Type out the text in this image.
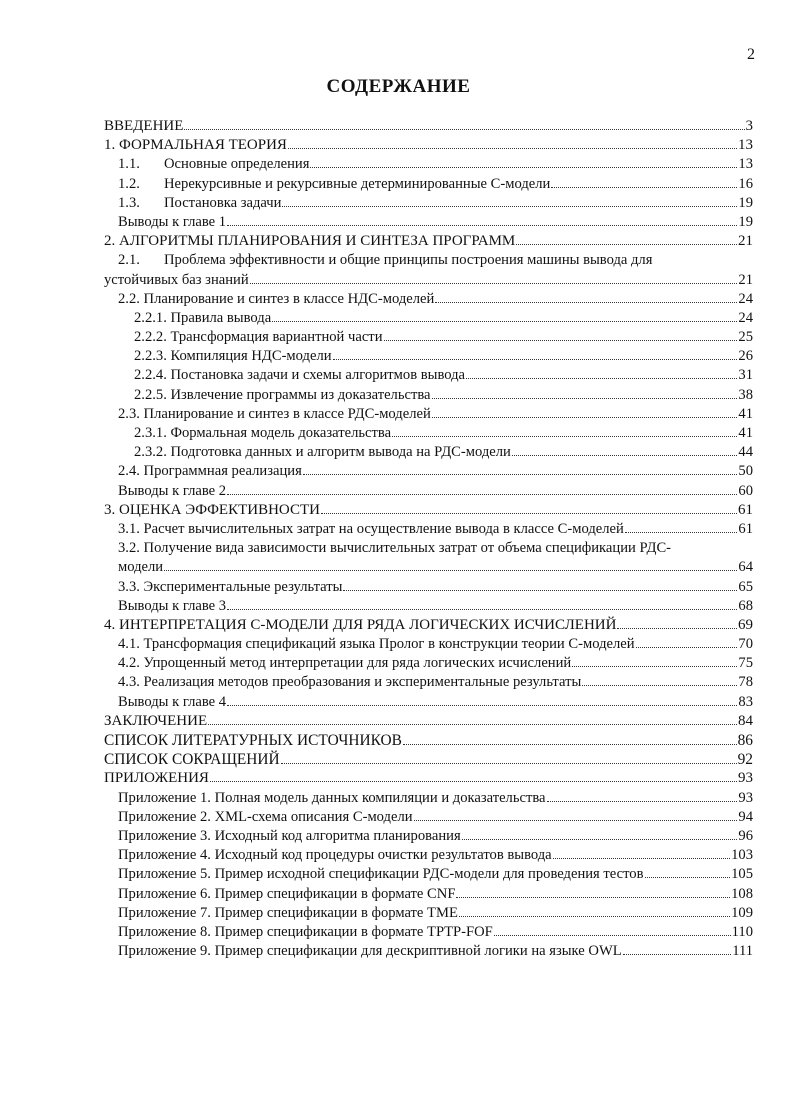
2
СОДЕРЖАНИЕ
ВВЕДЕНИЕ	3
1. ФОРМАЛЬНАЯ ТЕОРИЯ	13
1.1.	Основные определения	13
1.2.	Нерекурсивные и рекурсивные детерминированные С-модели	16
1.3.	Постановка задачи	19
Выводы к главе 1	19
2. АЛГОРИТМЫ ПЛАНИРОВАНИЯ И СИНТЕЗА ПРОГРАММ	21
2.1.	Проблема эффективности и общие принципы построения машины вывода для
устойчивых баз знаний	21
2.2. Планирование и синтез в классе НДС-моделей	24
2.2.1. Правила вывода	24
2.2.2. Трансформация вариантной части	25
2.2.3. Компиляция НДС-модели	26
2.2.4. Постановка задачи и схемы алгоритмов вывода	31
2.2.5. Извлечение программы из доказательства	38
2.3. Планирование и синтез в классе РДС-моделей	41
2.3.1. Формальная модель доказательства	41
2.3.2. Подготовка данных и алгоритм вывода на РДС-модели	44
2.4. Программная реализация	50
Выводы к главе 2	60
3. ОЦЕНКА ЭФФЕКТИВНОСТИ	61
3.1. Расчет вычислительных затрат на осуществление вывода в классе С-моделей	61
3.2. Получение вида зависимости вычислительных затрат от объема спецификации РДС-
модели	64
3.3. Экспериментальные результаты	65
Выводы к главе 3	68
4. ИНТЕРПРЕТАЦИЯ С-МОДЕЛИ ДЛЯ РЯДА ЛОГИЧЕСКИХ ИСЧИСЛЕНИЙ	69
4.1. Трансформация спецификаций языка Пролог в конструкции теории С-моделей	70
4.2. Упрощенный метод интерпретации для ряда логических исчислений	75
4.3. Реализация методов преобразования и экспериментальные результаты	78
Выводы к главе 4	83
ЗАКЛЮЧЕНИЕ	84
СПИСОК ЛИТЕРАТУРНЫХ ИСТОЧНИКОВ	86
СПИСОК СОКРАЩЕНИЙ	92
ПРИЛОЖЕНИЯ	93
Приложение 1. Полная модель данных компиляции и доказательства	93
Приложение 2. XML-схема описания С-модели	94
Приложение 3. Исходный код алгоритма планирования	96
Приложение 4. Исходный код процедуры очистки результатов вывода	103
Приложение 5. Пример исходной спецификации РДС-модели для проведения тестов	105
Приложение 6. Пример спецификации в формате CNF	108
Приложение 7. Пример спецификации в формате TME	109
Приложение 8. Пример спецификации в формате TPTP-FOF	110
Приложение 9. Пример спецификации для дескриптивной логики на языке OWL	111
